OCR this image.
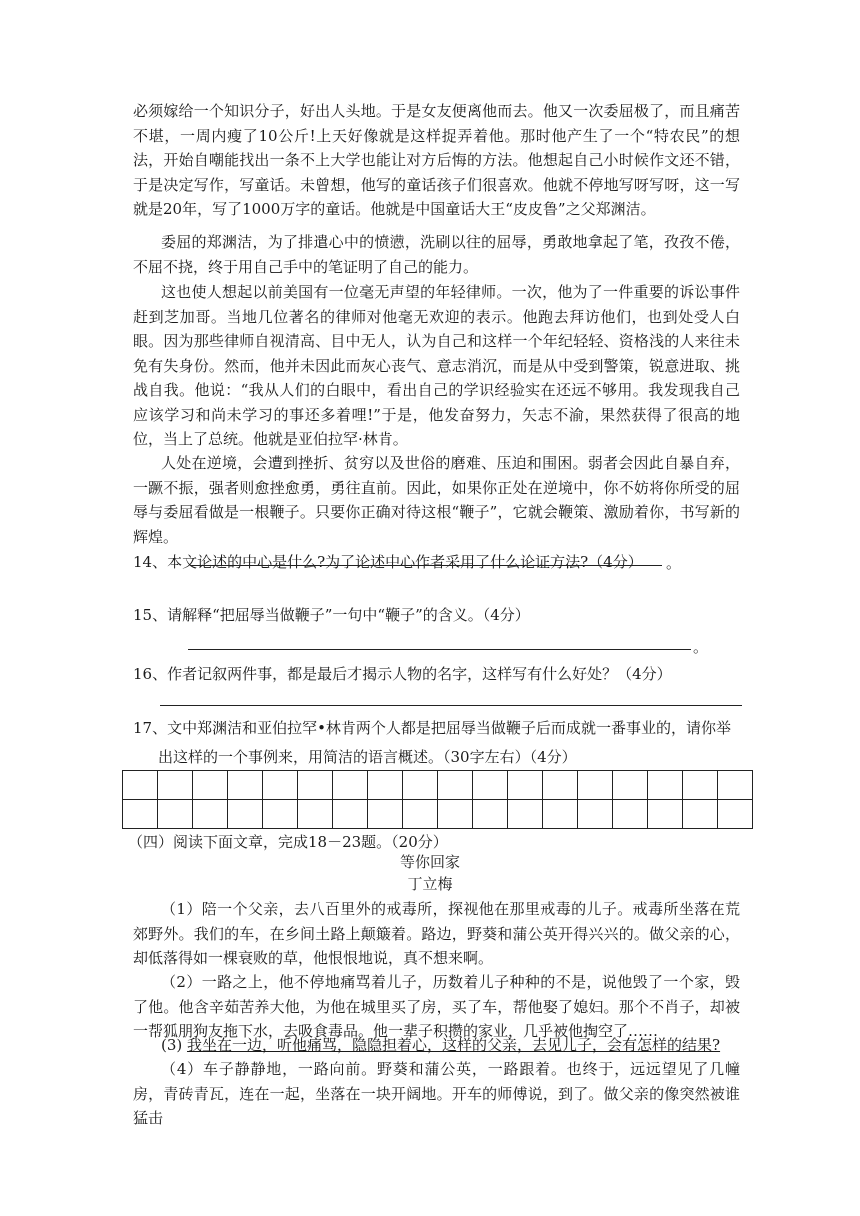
必须嫁给一个知识分子，好出人头地。于是女友便离他而去。他又一次委屈极了，而且痛苦不堪，一周内瘦了10公斤!上天好像就是这样捉弄着他。那时他产生了一个“特农民”的想法，开始自嘲能找出一条不上大学也能让对方后悔的方法。他想起自己小时候作文还不错，于是决定写作，写童话。未曾想，他写的童话孩子们很喜欢。他就不停地写呀写呀，这一写就是20年，写了1000万字的童话。他就是中国童话大王“皮皮鲁”之父郑渊洁。

委屈的郑渊洁，为了排遣心中的愤懑，洗刷以往的屈辱，勇敢地拿起了笔，孜孜不倦，不屈不挠，终于用自己手中的笔证明了自己的能力。

这也使人想起以前美国有一位毫无声望的年轻律师。一次，他为了一件重要的诉讼事件赶到芝加哥。当地几位著名的律师对他毫无欢迎的表示。他跑去拜访他们，也到处受人白眼。因为那些律师自视清高、目中无人，认为自己和这样一个年纪轻轻、资格浅的人来往未免有失身份。然而，他并未因此而灰心丧气、意志消沉，而是从中受到警策，锐意进取、挑战自我。他说：“我从人们的白眼中，看出自己的学识经验实在还远不够用。我发现我自己应该学习和尚未学习的事还多着哩!”于是，他发奋努力，矢志不渝，果然获得了很高的地位，当上了总统。他就是亚伯拉罕·林肯。

人处在逆境，会遭到挫折、贫穷以及世俗的磨难、压迫和围困。弱者会因此自暴自弃，一蹶不振，强者则愈挫愈勇，勇往直前。因此，如果你正处在逆境中，你不妨将你所受的屈辱与委屈看做是一根鞭子。只要你正确对待这根“鞭子”，它就会鞭策、激励着你，书写新的辉煌。

14、本文论述的中心是什么?为了论述中心作者采用了什么论证方法?（4分）	。

15、请解释“把屈辱当做鞭子”一句中“鞭子”的含义。（4分）

。

16、作者记叙两件事，都是最后才揭示人物的名字，这样写有什么好处？（4分）

17、文中郑渊洁和亚伯拉罕•林肯两个人都是把屈辱当做鞭子后而成就一番事业的，请你举

出这样的一个事例来，用简洁的语言概述。（30字左右）（4分）

（四）阅读下面文章，完成18－23题。（20分）

等你回家

丁立梅

（1）陪一个父亲，去八百里外的戒毒所，探视他在那里戒毒的儿子。戒毒所坐落在荒郊野外。我们的车，在乡间土路上颠簸着。路边，野葵和蒲公英开得兴兴的。做父亲的心，却低落得如一棵衰败的草，他恨恨地说，真不想来啊。

（2）一路之上，他不停地痛骂着儿子，历数着儿子种种的不是，说他毁了一个家，毁了他。他含辛茹苦养大他，为他在城里买了房，买了车，帮他娶了媳妇。那个不肖子，却被一帮狐朋狗友拖下水，去吸食毒品。他一辈子积攒的家业，几乎被他掏空了……

(3) 我坐在一边，听他痛骂，隐隐担着心，这样的父亲，去见儿子，会有怎样的结果?

（4）车子静静地，一路向前。野葵和蒲公英，一路跟着。也终于，远远望见了几幢房，青砖青瓦，连在一起，坐落在一块开阔地。开车的师傅说，到了。做父亲的像突然被谁猛击
